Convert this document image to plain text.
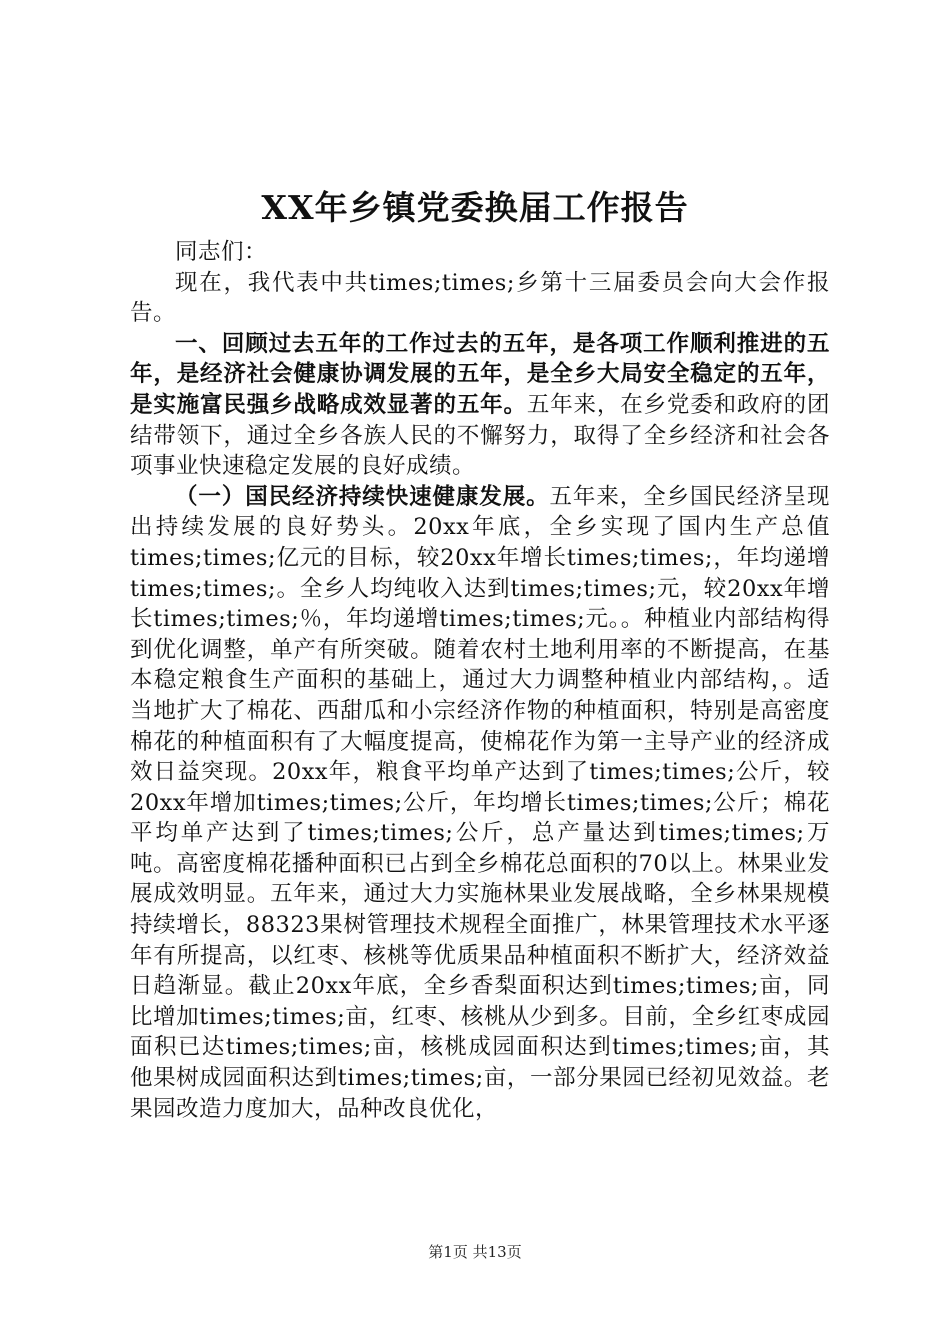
XX年乡镇党委换届工作报告

同志们：

现在，我代表中共times;times;乡第十三届委员会向大会作报告。

一、回顾过去五年的工作过去的五年，是各项工作顺利推进的五年，是经济社会健康协调发展的五年，是全乡大局安全稳定的五年，是实施富民强乡战略成效显著的五年。五年来，在乡党委和政府的团结带领下，通过全乡各族人民的不懈努力，取得了全乡经济和社会各项事业快速稳定发展的良好成绩。

（一）国民经济持续快速健康发展。五年来，全乡国民经济呈现出持续发展的良好势头。20xx年底，全乡实现了国内生产总值times;times;亿元的目标，较20xx年增长times;times;，年均递增times;times;。全乡人均纯收入达到times;times;元，较20xx年增长times;times;％，年均递增times;times;元。。种植业内部结构得到优化调整，单产有所突破。随着农村土地利用率的不断提高，在基本稳定粮食生产面积的基础上，通过大力调整种植业内部结构，。适当地扩大了棉花、西甜瓜和小宗经济作物的种植面积，特别是高密度棉花的种植面积有了大幅度提高，使棉花作为第一主导产业的经济成效日益突现。20xx年，粮食平均单产达到了times;times;公斤，较20xx年增加times;times;公斤，年均增长times;times;公斤；棉花平均单产达到了times;times;公斤，总产量达到times;times;万吨。高密度棉花播种面积已占到全乡棉花总面积的70以上。林果业发展成效明显。五年来，通过大力实施林果业发展战略，全乡林果规模持续增长，88323果树管理技术规程全面推广，林果管理技术水平逐年有所提高，以红枣、核桃等优质果品种植面积不断扩大，经济效益日趋渐显。截止20xx年底，全乡香梨面积达到times;times;亩，同比增加times;times;亩，红枣、核桃从少到多。目前，全乡红枣成园面积已达times;times;亩，核桃成园面积达到times;times;亩，其他果树成园面积达到times;times;亩，一部分果园已经初见效益。老果园改造力度加大，品种改良优化，

第1页 共13页
